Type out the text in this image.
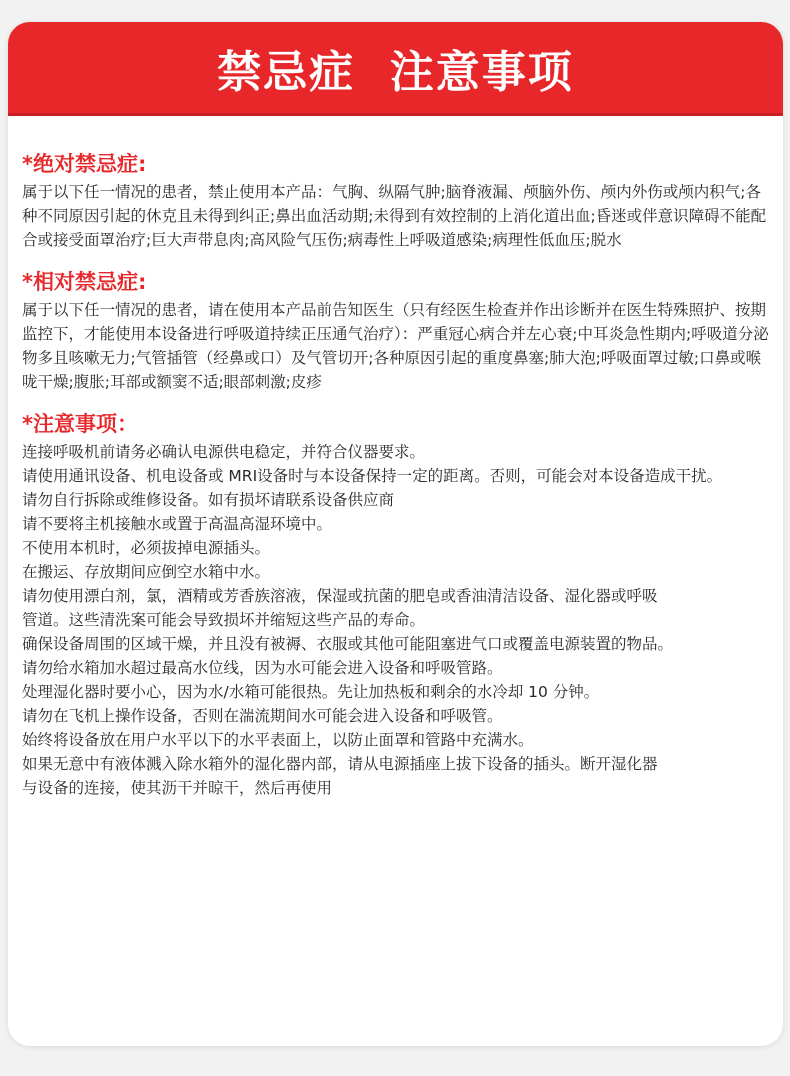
禁忌症  注意事项
*绝对禁忌症:

属于以下任一情况的患者，禁止使用本产品：气胸、纵隔气肿;脑脊液漏、颅脑外伤、颅内外伤或颅内积气;各种不同原因引起的休克且未得到纠正;鼻出血活动期;未得到有效控制的上消化道出血;昏迷或伴意识障碍不能配合或接受面罩治疗;巨大声带息肉;高风险气压伤;病毒性上呼吸道感染;病理性低血压;脱水

*相对禁忌症:

属于以下任一情况的患者，请在使用本产品前告知医生（只有经医生检查并作出诊断并在医生特殊照护、按期监控下，才能使用本设备进行呼吸道持续正压通气治疗）：严重冠心病合并左心衰;中耳炎急性期内;呼吸道分泌物多且咳嗽无力;气管插管（经鼻或口）及气管切开;各种原因引起的重度鼻塞;肺大泡;呼吸面罩过敏;口鼻或喉咙干燥;腹胀;耳部或额窦不适;眼部刺激;皮疹

*注意事项：

连接呼吸机前请务必确认电源供电稳定，并符合仪器要求。

请使用通讯设备、机电设备或 MRI设备时与本设备保持一定的距离。否则，可能会对本设备造成干扰。

请勿自行拆除或维修设备。如有损坏请联系设备供应商

请不要将主机接触水或置于高温高湿环境中。

不使用本机时，必须拔掉电源插头。

在搬运、存放期间应倒空水箱中水。

请勿使用漂白剂，氯，酒精或芳香族溶液，保湿或抗菌的肥皂或香油清洁设备、湿化器或呼吸

管道。这些清洗案可能会导致损坏并缩短这些产品的寿命。

确保设备周围的区域干燥，并且没有被褥、衣服或其他可能阻塞进气口或覆盖电源装置的物品。

请勿给水箱加水超过最高水位线，因为水可能会进入设备和呼吸管路。

处理湿化器时要小心，因为水/水箱可能很热。先让加热板和剩余的水冷却 10 分钟。

请勿在飞机上操作设备，否则在湍流期间水可能会进入设备和呼吸管。

始终将设备放在用户水平以下的水平表面上，以防止面罩和管路中充满水。

如果无意中有液体溅入除水箱外的湿化器内部，请从电源插座上拔下设备的插头。断开湿化器

与设备的连接，使其沥干并晾干，然后再使用
